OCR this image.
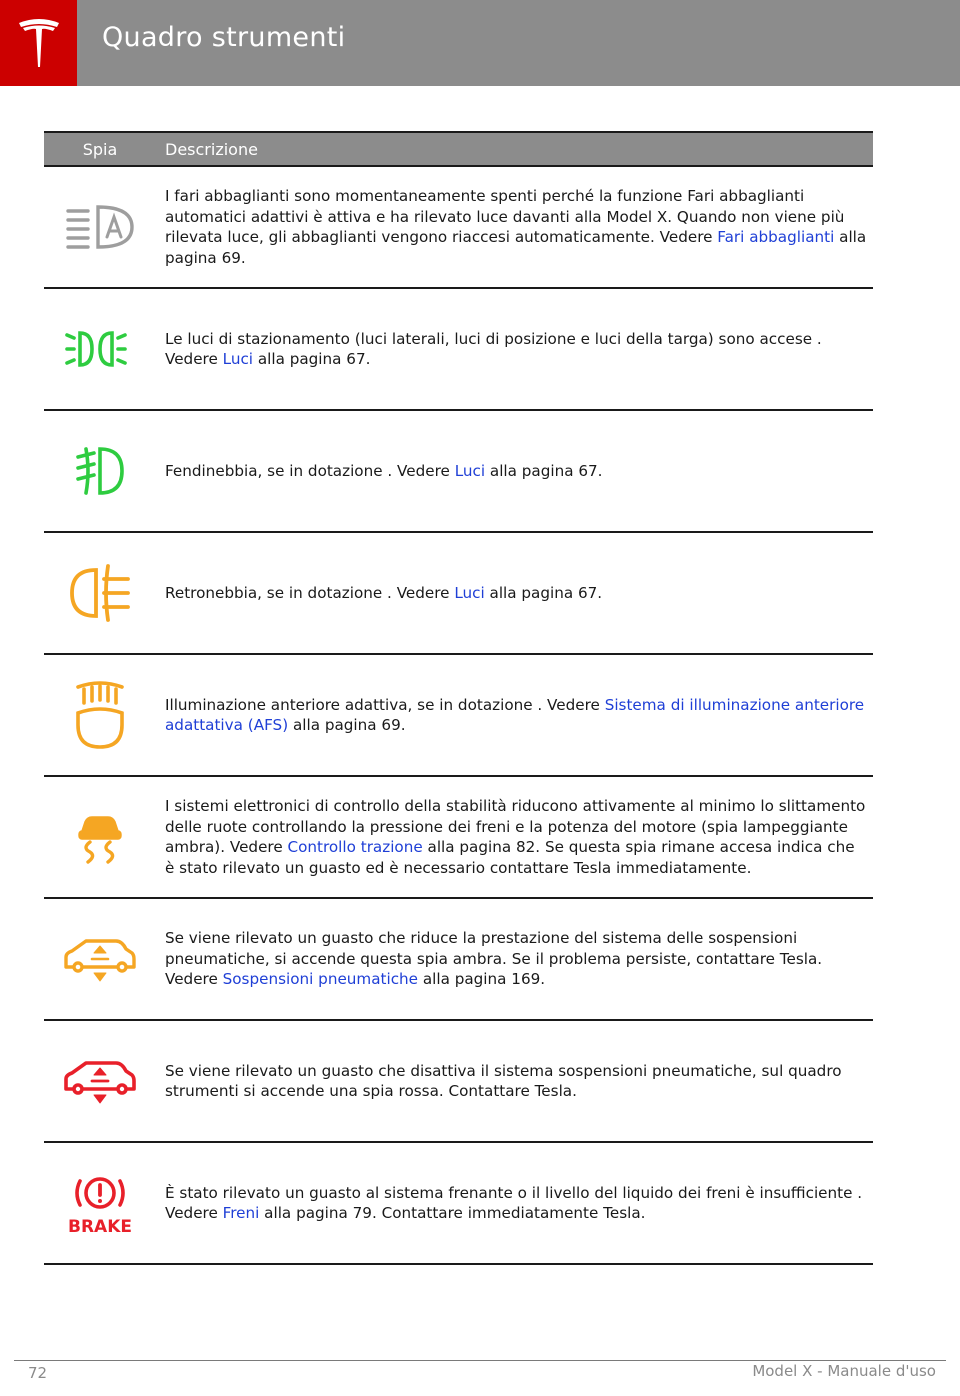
Quadro strumenti
Spia	Descrizione
I fari abbaglianti sono momentaneamente spenti perché la funzione Fari abbaglianti automatici adattivi è attiva e ha rilevato luce davanti alla Model X. Quando non viene più rilevata luce, gli abbaglianti vengono riaccesi automaticamente. Vedere Fari abbaglianti alla pagina 69.
Le luci di stazionamento (luci laterali, luci di posizione e luci della targa) sono accese . Vedere Luci alla pagina 67.
Fendinebbia, se in dotazione . Vedere Luci alla pagina 67.
Retronebbia, se in dotazione . Vedere Luci alla pagina 67.
Illuminazione anteriore adattiva, se in dotazione . Vedere Sistema di illuminazione anteriore adattativa (AFS) alla pagina 69.
I sistemi elettronici di controllo della stabilità riducono attivamente al minimo lo slittamento delle ruote controllando la pressione dei freni e la potenza del motore (spia lampeggiante ambra). Vedere Controllo trazione alla pagina 82. Se questa spia rimane accesa indica che è stato rilevato un guasto ed è necessario contattare Tesla immediatamente.
Se viene rilevato un guasto che riduce la prestazione del sistema delle sospensioni pneumatiche, si accende questa spia ambra. Se il problema persiste, contattare Tesla. Vedere Sospensioni pneumatiche alla pagina 169.
Se viene rilevato un guasto che disattiva il sistema sospensioni pneumatiche, sul quadro strumenti si accende una spia rossa. Contattare Tesla.
BRAKE
È stato rilevato un guasto al sistema frenante o il livello del liquido dei freni è insufficiente . Vedere Freni alla pagina 79. Contattare immediatamente Tesla.
72	Model X - Manuale d'uso
